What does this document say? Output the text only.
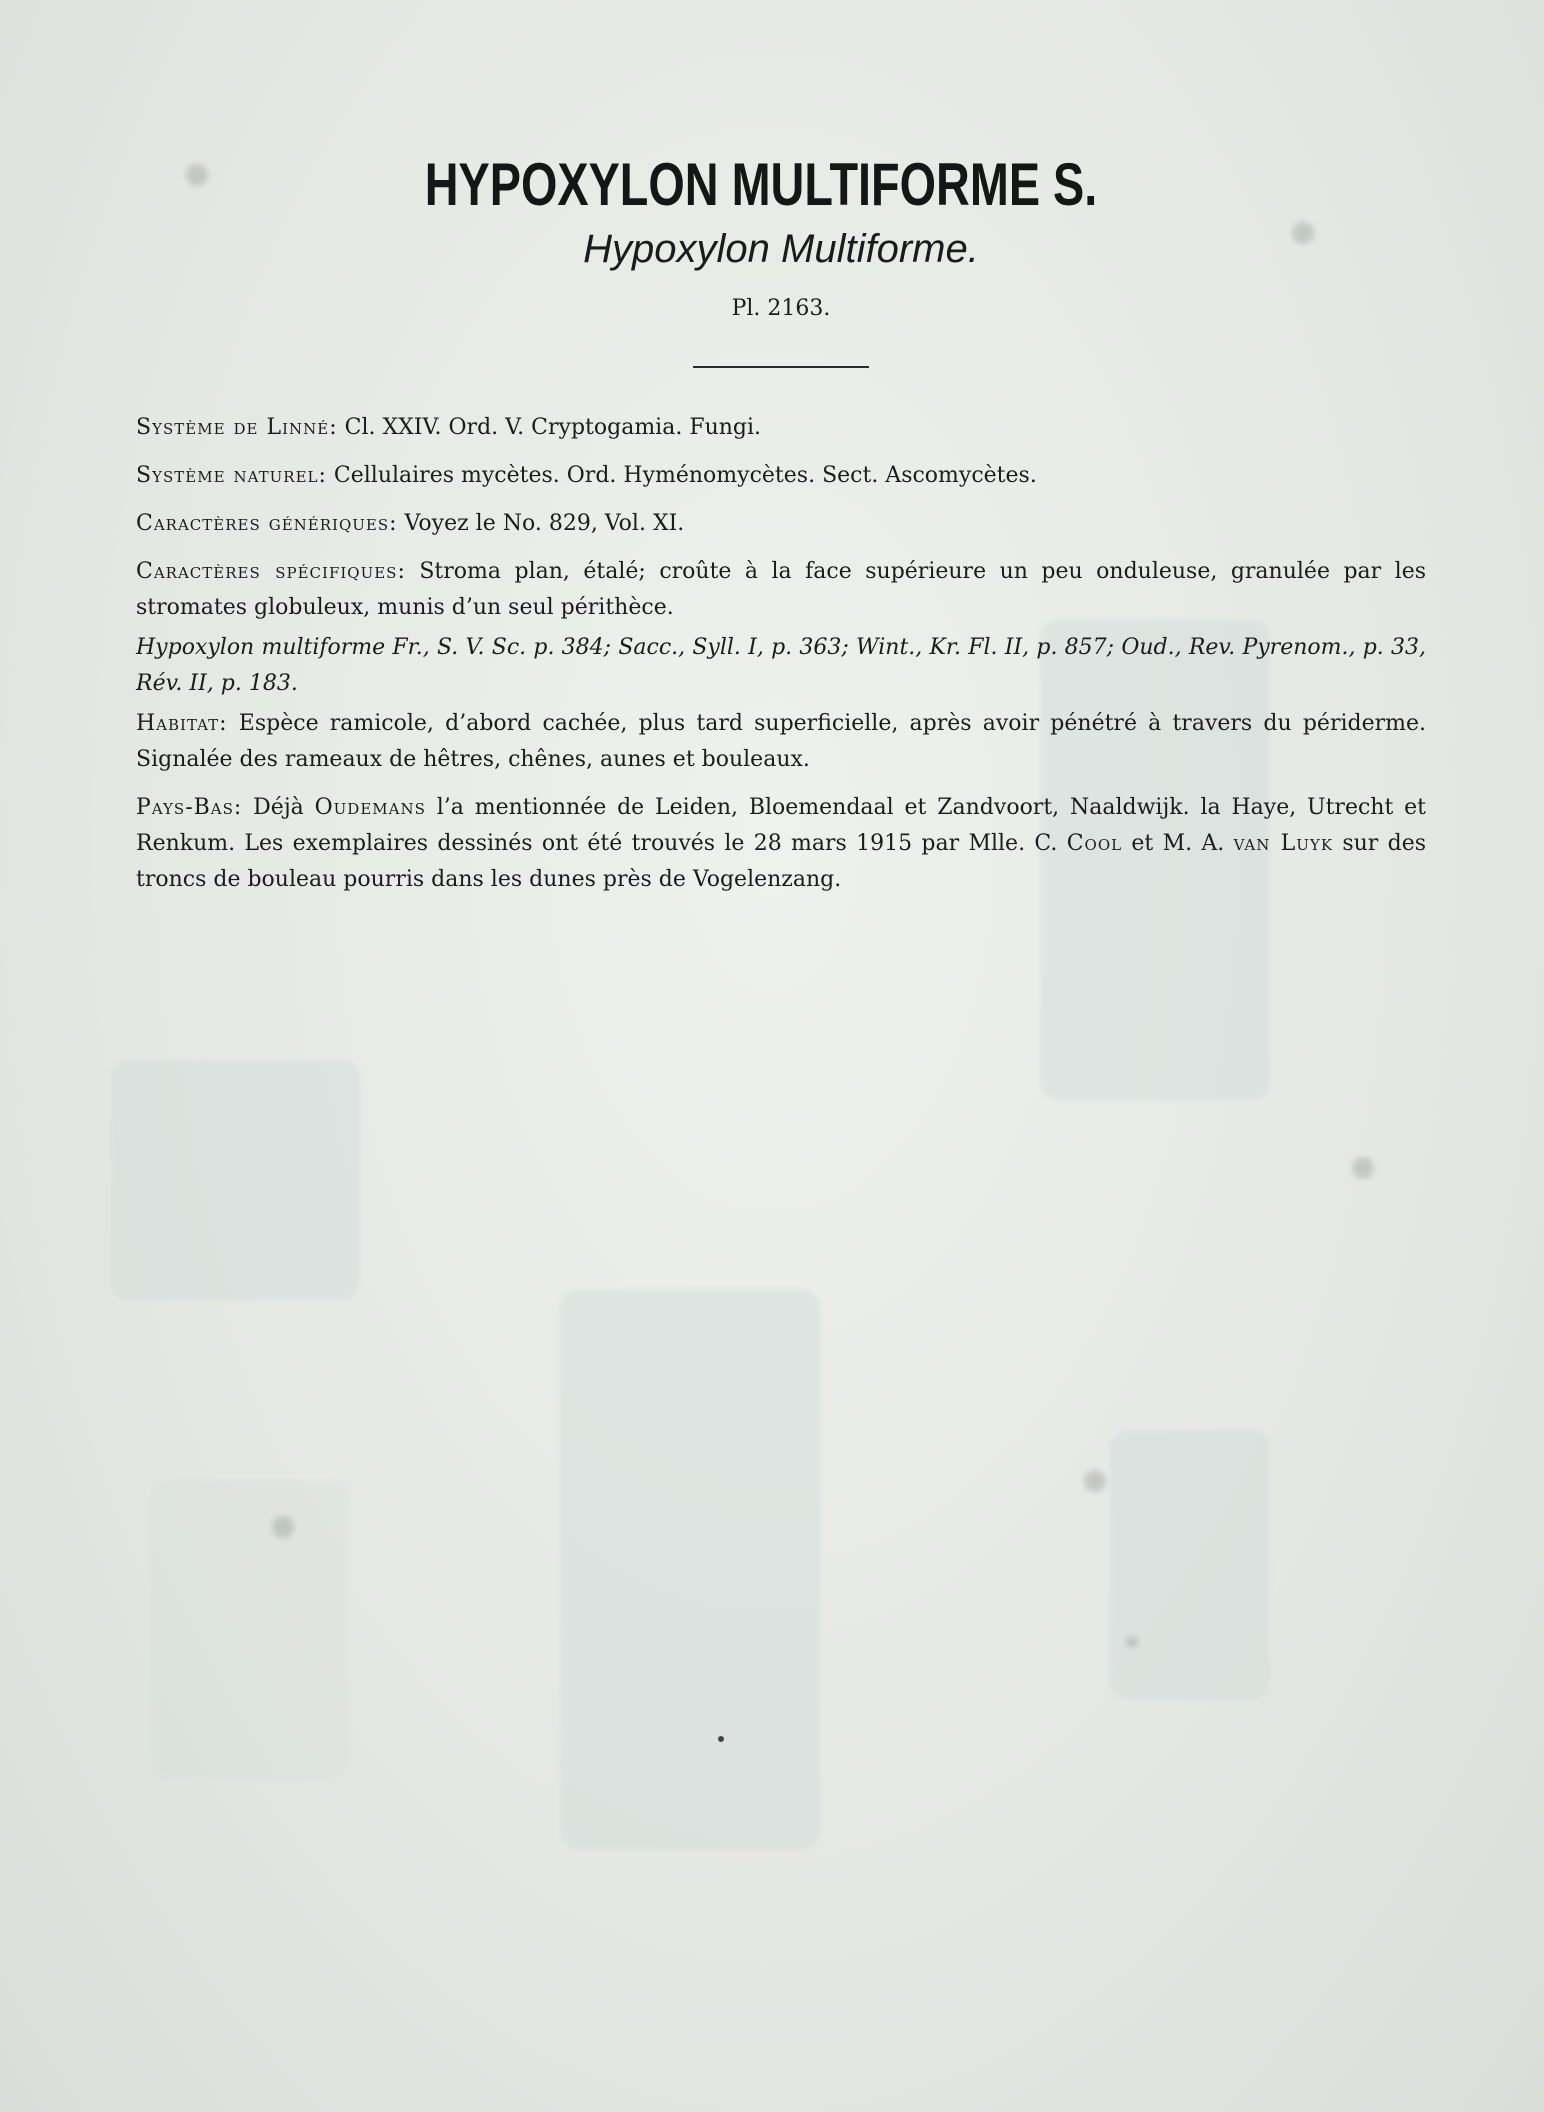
HYPOXYLON MULTIFORME S.
Hypoxylon Multiforme.
Pl. 2163.

Système de Linné: Cl. XXIV. Ord. V. Cryptogamia. Fungi.

Système naturel: Cellulaires mycètes. Ord. Hyménomycètes. Sect. Ascomycètes.

Caractères génériques: Voyez le No. 829, Vol. XI.

Caractères spécifiques: Stroma plan, étalé; croûte à la face supérieure un peu onduleuse, granulée par les stromates globuleux, munis d’un seul périthèce.

Hypoxylon multiforme Fr., S. V. Sc. p. 384; Sacc., Syll. I, p. 363; Wint., Kr. Fl. II, p. 857; Oud., Rev. Pyrenom., p. 33, Rév. II, p. 183.

Habitat: Espèce ramicole, d’abord cachée, plus tard superficielle, après avoir pénétré à travers du périderme. Signalée des rameaux de hêtres, chênes, aunes et bouleaux.

Pays-Bas: Déjà Oudemans l’a mentionnée de Leiden, Bloemendaal et Zandvoort, Naaldwijk. la Haye, Utrecht et Renkum. Les exemplaires dessinés ont été trouvés le 28 mars 1915 par Mlle. C. Cool et M. A. van Luyk sur des troncs de bouleau pourris dans les dunes près de Vogelenzang.
